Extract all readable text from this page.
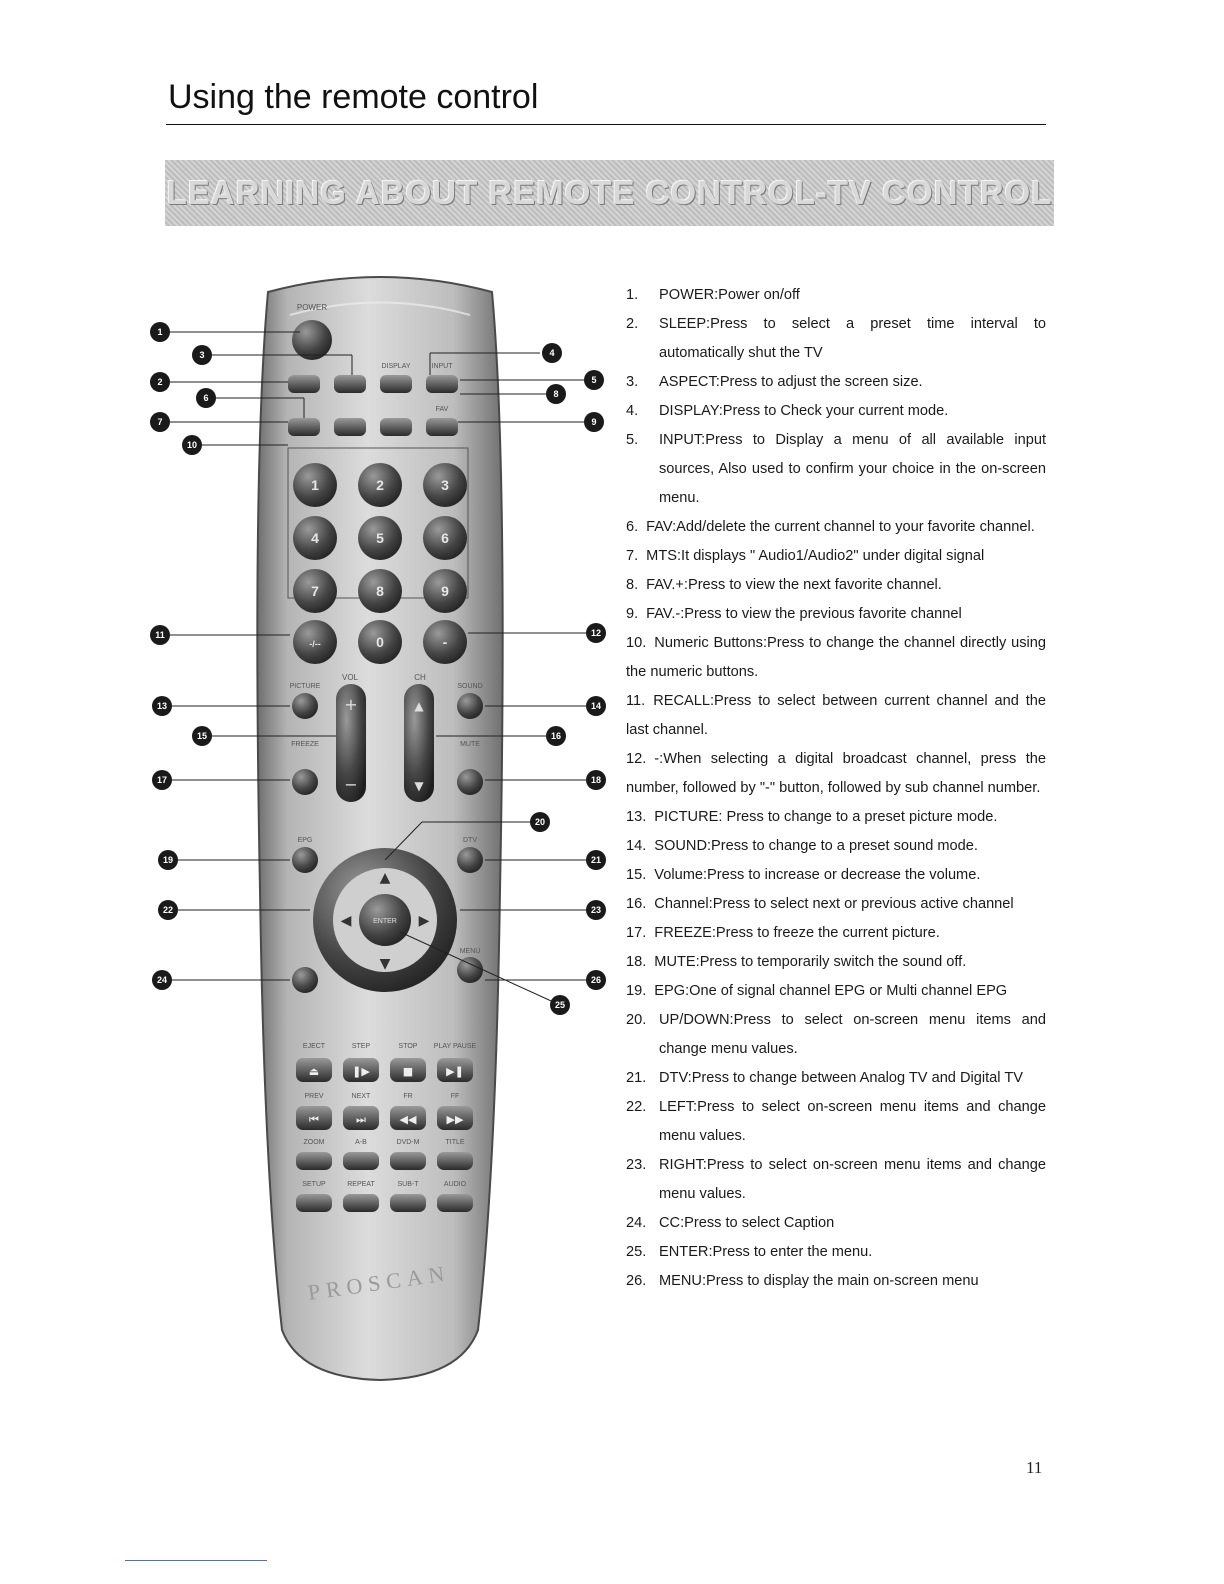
Using the remote control
LEARNING ABOUT REMOTE CONTROL-TV CONTROL
POWER
DISPLAY	INPUT
FAV
1	2	3
4	5	6
7	8	9
-/--	0	-
VOL	CH
PICTURE	SOUND
+
−
▲
▼
FREEZE	MUTE
EPG	DTV
▲
▼
◀	▶
ENTER
MENU
EJECT	STEP	STOP PLAY PAUSE
PREV	NEXT	FR	FF
ZOOM	A-B	DVD-M	TITLE
SETUP	REPEAT	SUB-T	AUDIO
⏏	❚▶	■	▶❚
⏮	⏭	◀◀	▶▶
PROSCAN
1
3
2
6
7
10
11
13
15
17
19
22
24
4
5
8
9
12
14
16
18
20
21
23
26
25
1. POWER:Power on/off
2. SLEEP:Press to select a preset time interval to automatically shut the TV
3. ASPECT:Press to adjust the screen size.
4. DISPLAY:Press to Check your current mode.
5. INPUT:Press to Display a menu of all available input sources, Also used to confirm your choice in the on-screen menu.
6. FAV:Add/delete the current channel to your favorite channel.
7. MTS:It displays " Audio1/Audio2" under digital signal
8. FAV.+:Press to view the next favorite channel.
9. FAV.-:Press to view the previous favorite channel
10. Numeric Buttons:Press to change the channel directly using the numeric buttons.
11. RECALL:Press to select between current channel and the last channel.
12. -:When selecting a digital broadcast channel, press the number, followed by "-" button, followed by sub channel number.
13. PICTURE: Press to change to a preset picture mode.
14. SOUND:Press to change to a preset sound mode.
15. Volume:Press to increase or decrease the volume.
16. Channel:Press to select next or previous active channel
17. FREEZE:Press to freeze the current picture.
18. MUTE:Press to temporarily switch the sound off.
19. EPG:One of signal channel EPG or Multi channel EPG
20. UP/DOWN:Press to select on-screen menu items and change menu values.
21. DTV:Press to change between Analog TV and Digital TV
22. LEFT:Press to select on-screen menu items and change menu values.
23. RIGHT:Press to select on-screen menu items and change menu values.
24. CC:Press to select Caption
25. ENTER:Press to enter the menu.
26. MENU:Press to display the main on-screen menu
11
